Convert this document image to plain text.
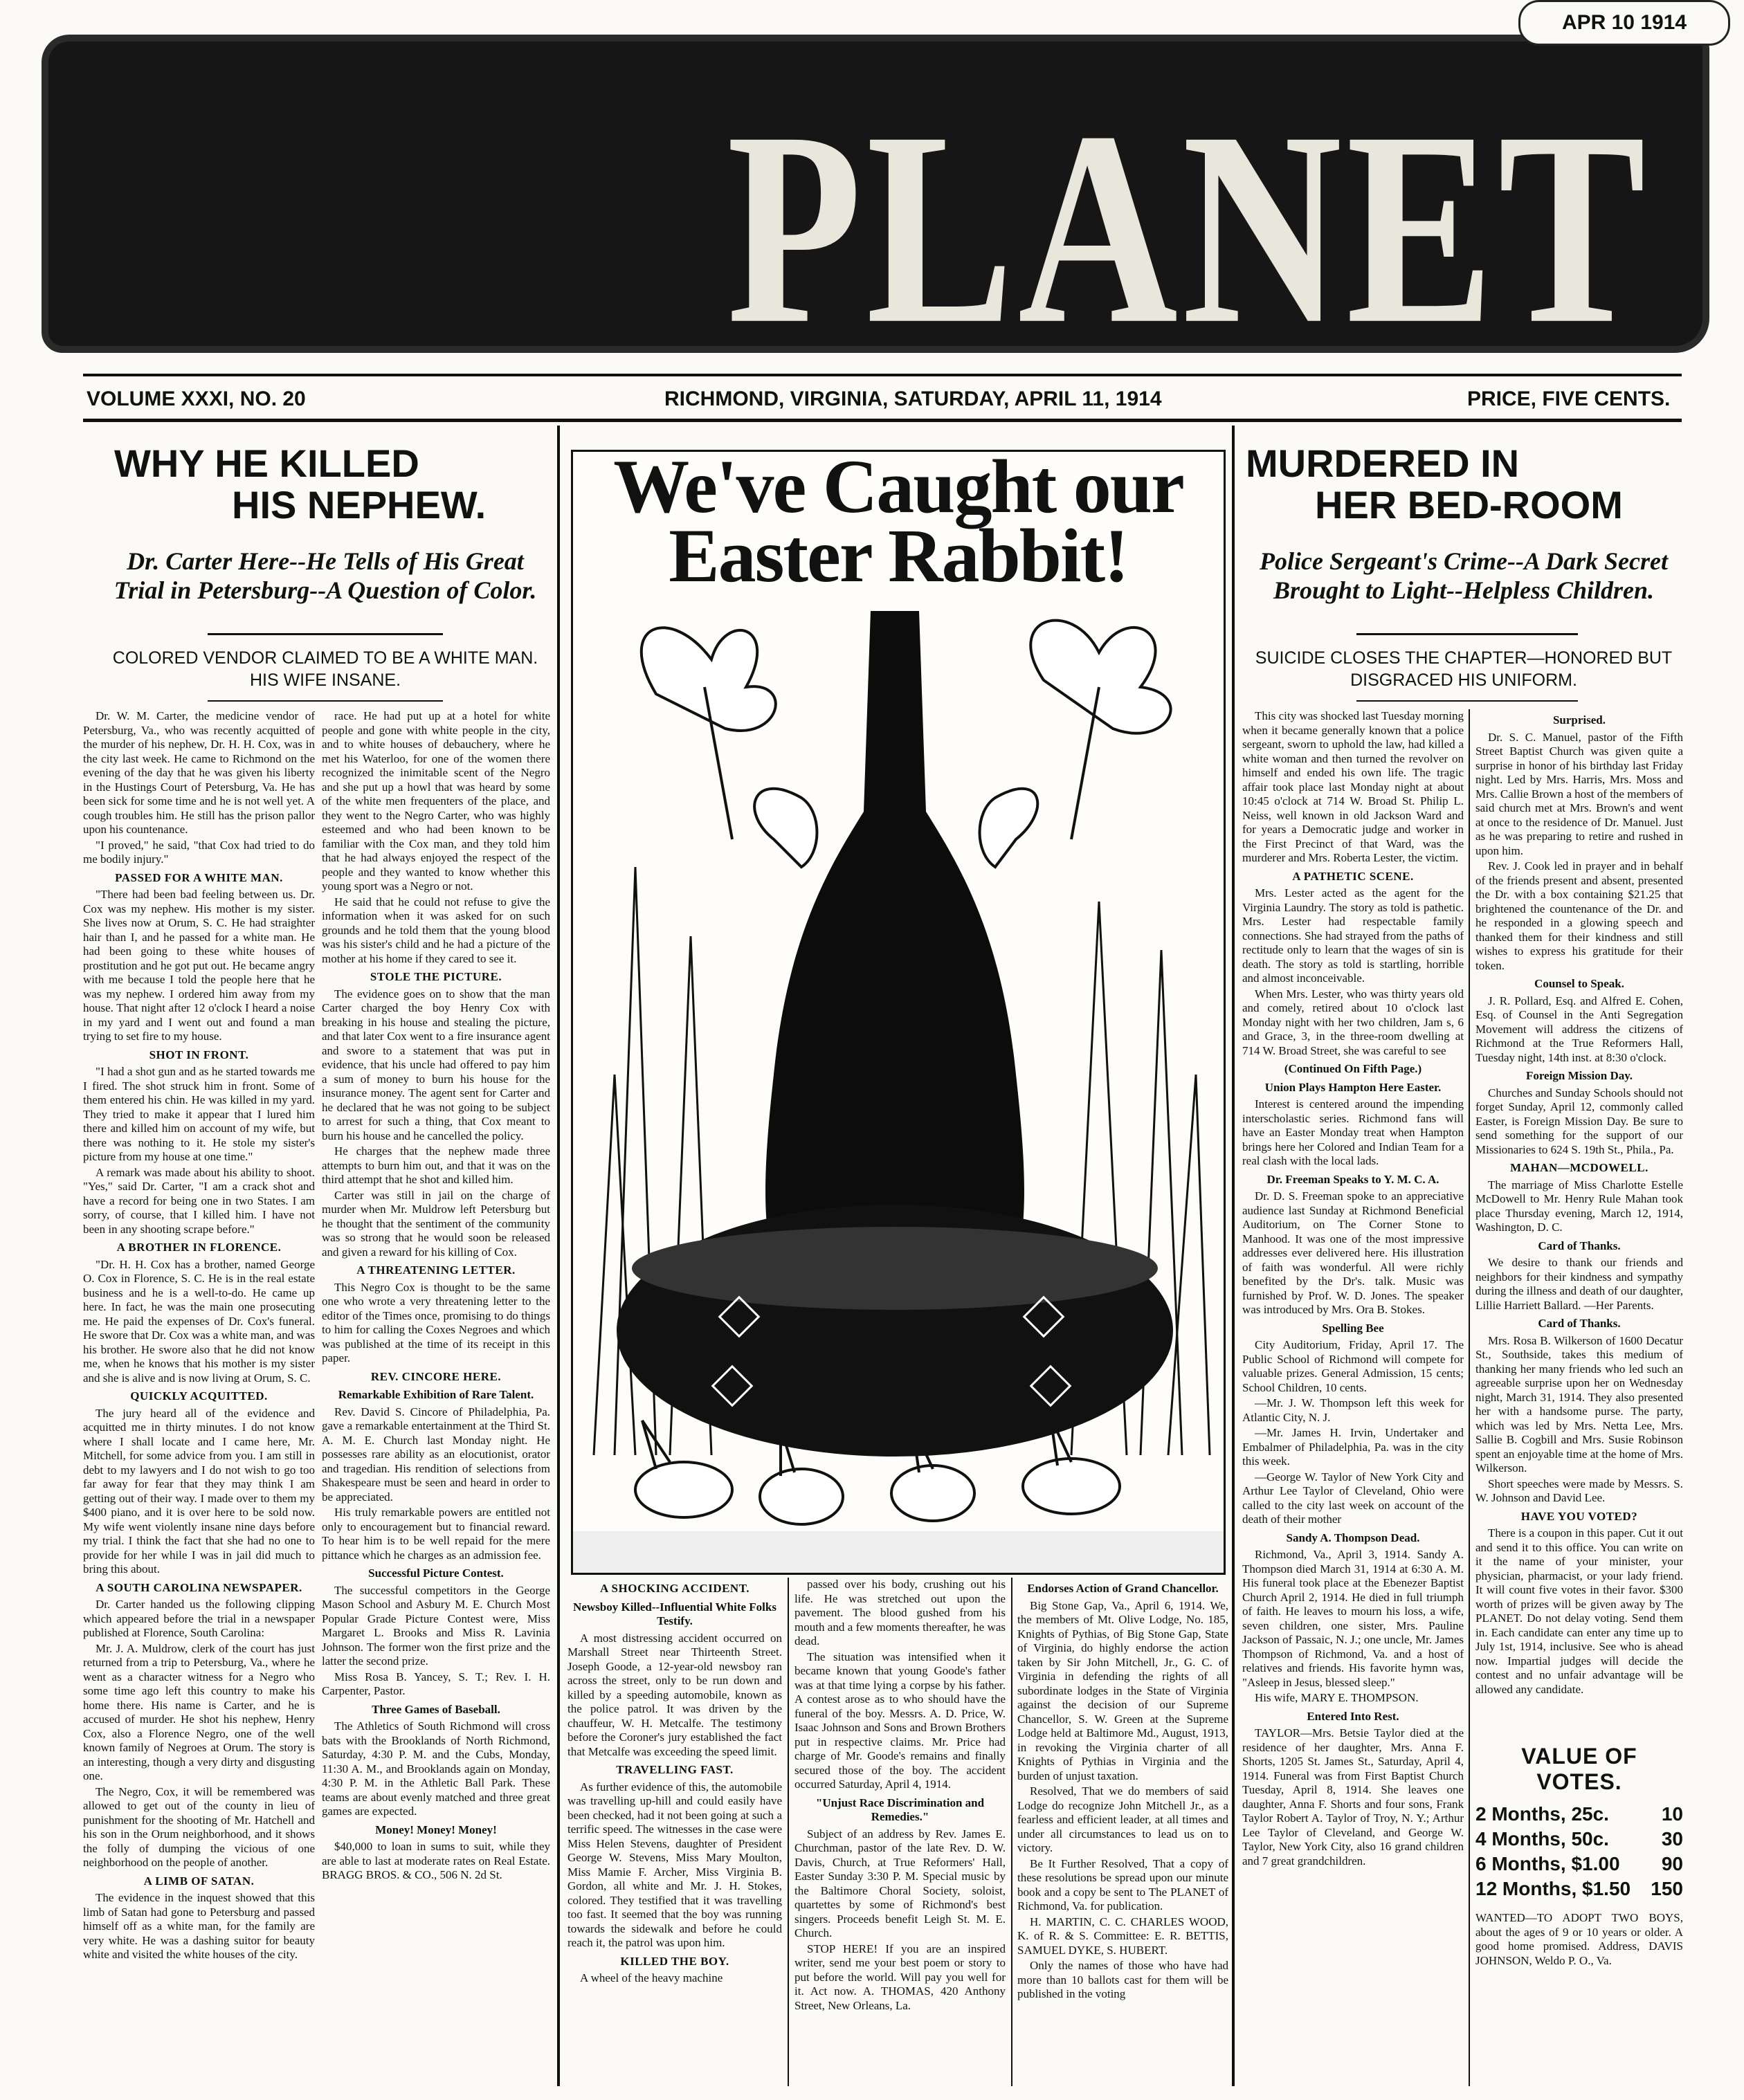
PLANET
APR 10 1914
VOLUME XXXI, NO. 20	RICHMOND, VIRGINIA, SATURDAY, APRIL 11, 1914	PRICE, FIVE CENTS.
WHY HE KILLED
HIS NEPHEW.
Dr. Carter Here--He Tells of His Great Trial in Petersburg--A Question of Color.
COLORED VENDOR CLAIMED TO BE A WHITE MAN. HIS WIFE INSANE.

Dr. W. M. Carter, the medicine vendor of Petersburg, Va., who was recently acquitted of the murder of his nephew, Dr. H. H. Cox, was in the city last week. He came to Richmond on the evening of the day that he was given his liberty in the Hustings Court of Petersburg, Va. He has been sick for some time and he is not well yet. A cough troubles him. He still has the prison pallor upon his countenance.

"I proved," he said, "that Cox had tried to do me bodily injury."

PASSED FOR A WHITE MAN.

"There had been bad feeling between us. Dr. Cox was my nephew. His mother is my sister. She lives now at Orum, S. C. He had straighter hair than I, and he passed for a white man. He had been going to these white houses of prostitution and he got put out. He became angry with me because I told the people here that he was my nephew. I ordered him away from my house. That night after 12 o'clock I heard a noise in my yard and I went out and found a man trying to set fire to my house.

SHOT IN FRONT.

"I had a shot gun and as he started towards me I fired. The shot struck him in front. Some of them entered his chin. He was killed in my yard. They tried to make it appear that I lured him there and killed him on account of my wife, but there was nothing to it. He stole my sister's picture from my house at one time."

A remark was made about his ability to shoot. "Yes," said Dr. Carter, "I am a crack shot and have a record for being one in two States. I am sorry, of course, that I killed him. I have not been in any shooting scrape before."

A BROTHER IN FLORENCE.

"Dr. H. H. Cox has a brother, named George O. Cox in Florence, S. C. He is in the real estate business and he is a well-to-do. He came up here. In fact, he was the main one prosecuting me. He paid the expenses of Dr. Cox's funeral. He swore that Dr. Cox was a white man, and was his brother. He swore also that he did not know me, when he knows that his mother is my sister and she is alive and is now living at Orum, S. C.

QUICKLY ACQUITTED.

The jury heard all of the evidence and acquitted me in thirty minutes. I do not know where I shall locate and I came here, Mr. Mitchell, for some advice from you. I am still in debt to my lawyers and I do not wish to go too far away for fear that they may think I am getting out of their way. I made over to them my $400 piano, and it is over here to be sold now. My wife went violently insane nine days before my trial. I think the fact that she had no one to provide for her while I was in jail did much to bring this about.

A SOUTH CAROLINA NEWSPAPER.

Dr. Carter handed us the following clipping which appeared before the trial in a newspaper published at Florence, South Carolina:

Mr. J. A. Muldrow, clerk of the court has just returned from a trip to Petersburg, Va., where he went as a character witness for a Negro who some time ago left this country to make his home there. His name is Carter, and he is accused of murder. He shot his nephew, Henry Cox, also a Florence Negro, one of the well known family of Negroes at Orum. The story is an interesting, though a very dirty and disgusting one.

The Negro, Cox, it will be remembered was allowed to get out of the county in lieu of punishment for the shooting of Mr. Hatchell and his son in the Orum neighborhood, and it shows the folly of dumping the vicious of one neighborhood on the people of another.

A LIMB OF SATAN.

The evidence in the inquest showed that this limb of Satan had gone to Petersburg and passed himself off as a white man, for the family are very white. He was a dashing suitor for beauty white and visited the white houses of the city.

race. He had put up at a hotel for white people and gone with white people in the city, and to white houses of debauchery, where he met his Waterloo, for one of the women there recognized the inimitable scent of the Negro and she put up a howl that was heard by some of the white men frequenters of the place, and they went to the Negro Carter, who was highly esteemed and who had been known to be familiar with the Cox man, and they told him that he had always enjoyed the respect of the people and they wanted to know whether this young sport was a Negro or not.

He said that he could not refuse to give the information when it was asked for on such grounds and he told them that the young blood was his sister's child and he had a picture of the mother at his home if they cared to see it.

STOLE THE PICTURE.

The evidence goes on to show that the man Carter charged the boy Henry Cox with breaking in his house and stealing the picture, and that later Cox went to a fire insurance agent and swore to a statement that was put in evidence, that his uncle had offered to pay him a sum of money to burn his house for the insurance money. The agent sent for Carter and he declared that he was not going to be subject to arrest for such a thing, that Cox meant to burn his house and he cancelled the policy.

He charges that the nephew made three attempts to burn him out, and that it was on the third attempt that he shot and killed him.

Carter was still in jail on the charge of murder when Mr. Muldrow left Petersburg but he thought that the sentiment of the community was so strong that he would soon be released and given a reward for his killing of Cox.

A THREATENING LETTER.

This Negro Cox is thought to be the same one who wrote a very threatening letter to the editor of the Times once, promising to do things to him for calling the Coxes Negroes and which was published at the time of its receipt in this paper.

REV. CINCORE HERE.
Remarkable Exhibition of Rare Talent.

Rev. David S. Cincore of Philadelphia, Pa. gave a remarkable entertainment at the Third St. A. M. E. Church last Monday night. He possesses rare ability as an elocutionist, orator and tragedian. His rendition of selections from Shakespeare must be seen and heard in order to be appreciated.

His truly remarkable powers are entitled not only to encouragement but to financial reward. To hear him is to be well repaid for the mere pittance which he charges as an admission fee.

Successful Picture Contest.

The successful competitors in the George Mason School and Asbury M. E. Church Most Popular Grade Picture Contest were, Miss Margaret L. Brooks and Miss R. Lavinia Johnson. The former won the first prize and the latter the second prize.

Miss Rosa B. Yancey, S. T.; Rev. I. H. Carpenter, Pastor.

Three Games of Baseball.

The Athletics of South Richmond will cross bats with the Brooklands of North Richmond, Saturday, 4:30 P. M. and the Cubs, Monday, 11:30 A. M., and Brooklands again on Monday, 4:30 P. M. in the Athletic Ball Park. These teams are about evenly matched and three great games are expected.

Money! Money! Money!

$40,000 to loan in sums to suit, while they are able to last at moderate rates on Real Estate. BRAGG BROS. & CO., 506 N. 2d St.

We've Caught our
Easter Rabbit!
A SHOCKING ACCIDENT.
Newsboy Killed--Influential White Folks Testify.

A most distressing accident occurred on Marshall Street near Thirteenth Street. Joseph Goode, a 12-year-old newsboy ran across the street, only to be run down and killed by a speeding automobile, known as the police patrol. It was driven by the chauffeur, W. H. Metcalfe. The testimony before the Coroner's jury established the fact that Metcalfe was exceeding the speed limit.

TRAVELLING FAST.

As further evidence of this, the automobile was travelling up-hill and could easily have been checked, had it not been going at such a terrific speed. The witnesses in the case were Miss Helen Stevens, daughter of President George W. Stevens, Miss Mary Moulton, Miss Mamie F. Archer, Miss Virginia B. Gordon, all white and Mr. J. H. Stokes, colored. They testified that it was travelling too fast. It seemed that the boy was running towards the sidewalk and before he could reach it, the patrol was upon him.

KILLED THE BOY.

A wheel of the heavy machine

passed over his body, crushing out his life. He was stretched out upon the pavement. The blood gushed from his mouth and a few moments thereafter, he was dead.

The situation was intensified when it became known that young Goode's father was at that time lying a corpse by his father. A contest arose as to who should have the funeral of the boy. Messrs. A. D. Price, W. Isaac Johnson and Sons and Brown Brothers put in respective claims. Mr. Price had charge of Mr. Goode's remains and finally secured those of the boy. The accident occurred Saturday, April 4, 1914.

"Unjust Race Discrimination and Remedies."

Subject of an address by Rev. James E. Churchman, pastor of the late Rev. D. W. Davis, Church, at True Reformers' Hall, Easter Sunday 3:30 P. M. Special music by the Baltimore Choral Society, soloist, quartettes by some of Richmond's best singers. Proceeds benefit Leigh St. M. E. Church.

STOP HERE! If you are an inspired writer, send me your best poem or story to put before the world. Will pay you well for it. Act now. A. THOMAS, 420 Anthony Street, New Orleans, La.

Endorses Action of Grand Chancellor.

Big Stone Gap, Va., April 6, 1914. We, the members of Mt. Olive Lodge, No. 185, Knights of Pythias, of Big Stone Gap, State of Virginia, do highly endorse the action taken by Sir John Mitchell, Jr., G. C. of Virginia in defending the rights of all subordinate lodges in the State of Virginia against the decision of our Supreme Chancellor, S. W. Green at the Supreme Lodge held at Baltimore Md., August, 1913, in revoking the Virginia charter of all Knights of Pythias in Virginia and the burden of unjust taxation.

Resolved, That we do members of said Lodge do recognize John Mitchell Jr., as a fearless and efficient leader, at all times and under all circumstances to lead us on to victory.

Be It Further Resolved, That a copy of these resolutions be spread upon our minute book and a copy be sent to The PLANET of Richmond, Va. for publication.

H. MARTIN, C. C. CHARLES WOOD, K. of R. & S. Committee: E. R. BETTIS, SAMUEL DYKE, S. HUBERT.

Only the names of those who have had more than 10 ballots cast for them will be published in the voting

MURDERED IN
HER BED-ROOM
Police Sergeant's Crime--A Dark Secret Brought to Light--Helpless Children.
SUICIDE CLOSES THE CHAPTER—HONORED BUT DISGRACED HIS UNIFORM.

This city was shocked last Tuesday morning when it became generally known that a police sergeant, sworn to uphold the law, had killed a white woman and then turned the revolver on himself and ended his own life. The tragic affair took place last Monday night at about 10:45 o'clock at 714 W. Broad St. Philip L. Neiss, well known in old Jackson Ward and for years a Democratic judge and worker in the First Precinct of that Ward, was the murderer and Mrs. Roberta Lester, the victim.

A PATHETIC SCENE.

Mrs. Lester acted as the agent for the Virginia Laundry. The story as told is pathetic. Mrs. Lester had respectable family connections. She had strayed from the paths of rectitude only to learn that the wages of sin is death. The story as told is startling, horrible and almost inconceivable.

When Mrs. Lester, who was thirty years old and comely, retired about 10 o'clock last Monday night with her two children, Jam s, 6 and Grace, 3, in the three-room dwelling at 714 W. Broad Street, she was careful to see

(Continued On Fifth Page.)
Union Plays Hampton Here Easter.

Interest is centered around the impending interscholastic series. Richmond fans will have an Easter Monday treat when Hampton brings here her Colored and Indian Team for a real clash with the local lads.

Dr. Freeman Speaks to Y. M. C. A.

Dr. D. S. Freeman spoke to an appreciative audience last Sunday at Richmond Beneficial Auditorium, on The Corner Stone to Manhood. It was one of the most impressive addresses ever delivered here. His illustration of faith was wonderful. All were richly benefited by the Dr's. talk. Music was furnished by Prof. W. D. Jones. The speaker was introduced by Mrs. Ora B. Stokes.

Spelling Bee

City Auditorium, Friday, April 17. The Public School of Richmond will compete for valuable prizes. General Admission, 15 cents; School Children, 10 cents.

—Mr. J. W. Thompson left this week for Atlantic City, N. J.

—Mr. James H. Irvin, Undertaker and Embalmer of Philadelphia, Pa. was in the city this week.

—George W. Taylor of New York City and Arthur Lee Taylor of Cleveland, Ohio were called to the city last week on account of the death of their mother

Sandy A. Thompson Dead.

Richmond, Va., April 3, 1914. Sandy A. Thompson died March 31, 1914 at 6:30 A. M. His funeral took place at the Ebenezer Baptist Church April 2, 1914. He died in full triumph of faith. He leaves to mourn his loss, a wife, seven children, one sister, Mrs. Pauline Jackson of Passaic, N. J.; one uncle, Mr. James Thompson of Richmond, Va. and a host of relatives and friends. His favorite hymn was, "Asleep in Jesus, blessed sleep."

His wife, MARY E. THOMPSON.

Entered Into Rest.

TAYLOR—Mrs. Betsie Taylor died at the residence of her daughter, Mrs. Anna F. Shorts, 1205 St. James St., Saturday, April 4, 1914. Funeral was from First Baptist Church Tuesday, April 8, 1914. She leaves one daughter, Anna F. Shorts and four sons, Frank Taylor Robert A. Taylor of Troy, N. Y.; Arthur Lee Taylor of Cleveland, and George W. Taylor, New York City, also 16 grand children and 7 great grandchildren.

Surprised.

Dr. S. C. Manuel, pastor of the Fifth Street Baptist Church was given quite a surprise in honor of his birthday last Friday night. Led by Mrs. Harris, Mrs. Moss and Mrs. Callie Brown a host of the members of said church met at Mrs. Brown's and went at once to the residence of Dr. Manuel. Just as he was preparing to retire and rushed in upon him.

Rev. J. Cook led in prayer and in behalf of the friends present and absent, presented the Dr. with a box containing $21.25 that brightened the countenance of the Dr. and he responded in a glowing speech and thanked them for their kindness and still wishes to express his gratitude for their token.

Counsel to Speak.

J. R. Pollard, Esq. and Alfred E. Cohen, Esq. of Counsel in the Anti Segregation Movement will address the citizens of Richmond at the True Reformers Hall, Tuesday night, 14th inst. at 8:30 o'clock.

Foreign Mission Day.

Churches and Sunday Schools should not forget Sunday, April 12, commonly called Easter, is Foreign Mission Day. Be sure to send something for the support of our Missionaries to 624 S. 19th St., Phila., Pa.

MAHAN—MCDOWELL.

The marriage of Miss Charlotte Estelle McDowell to Mr. Henry Rule Mahan took place Thursday evening, March 12, 1914, Washington, D. C.

Card of Thanks.

We desire to thank our friends and neighbors for their kindness and sympathy during the illness and death of our daughter, Lillie Harriett Ballard. —Her Parents.

Card of Thanks.

Mrs. Rosa B. Wilkerson of 1600 Decatur St., Southside, takes this medium of thanking her many friends who led such an agreeable surprise upon her on Wednesday night, March 31, 1914. They also presented her with a handsome purse. The party, which was led by Mrs. Netta Lee, Mrs. Sallie B. Cogbill and Mrs. Susie Robinson spent an enjoyable time at the home of Mrs. Wilkerson.

Short speeches were made by Messrs. S. W. Johnson and David Lee.

HAVE YOU VOTED?

There is a coupon in this paper. Cut it out and send it to this office. You can write on it the name of your minister, your physician, pharmacist, or your lady friend. It will count five votes in their favor. $300 worth of prizes will be given away by The PLANET. Do not delay voting. Send them in. Each candidate can enter any time up to July 1st, 1914, inclusive. See who is ahead now. Impartial judges will decide the contest and no unfair advantage will be allowed any candidate.

VALUE OF VOTES.
2 Months, 25c.	10
4 Months, 50c.	30
6 Months, $1.00 90
12 Months, $1.50 150
WANTED—TO ADOPT TWO BOYS, about the ages of 9 or 10 years or older. A good home promised. Address, DAVIS JOHNSON, Weldo P. O., Va.
